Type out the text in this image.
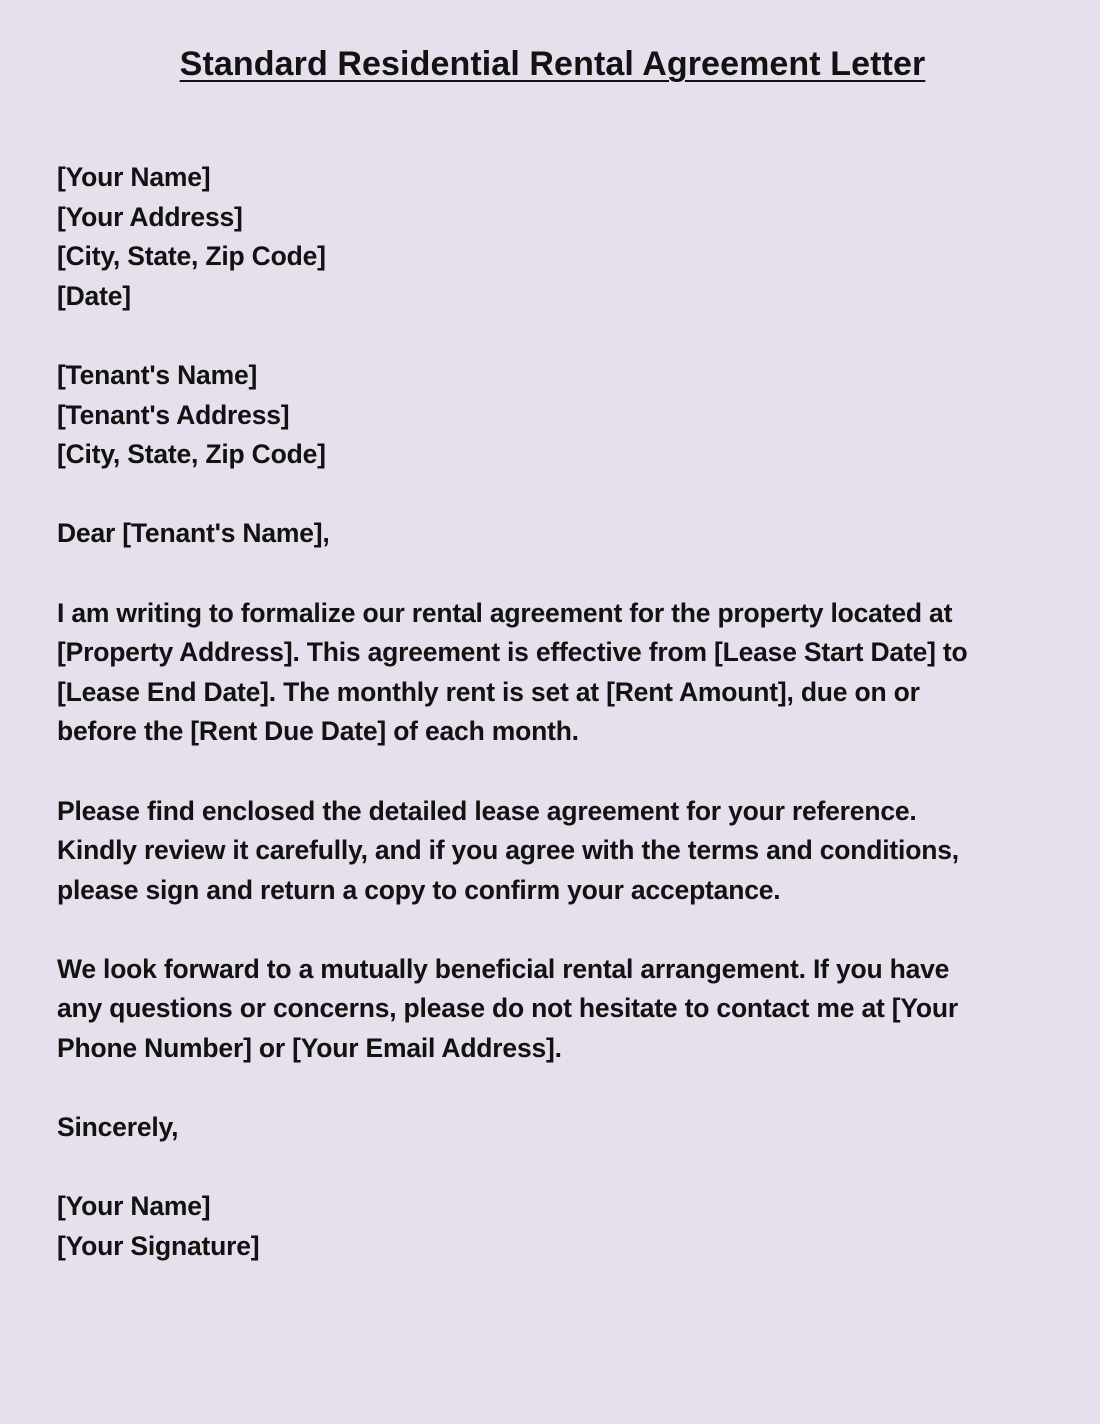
Standard Residential Rental Agreement Letter
[Your Name]
[Your Address]
[City, State, Zip Code]
[Date]
[Tenant's Name]
[Tenant's Address]
[City, State, Zip Code]
Dear [Tenant's Name],
I am writing to formalize our rental agreement for the property located at
[Property Address]. This agreement is effective from [Lease Start Date] to
[Lease End Date]. The monthly rent is set at [Rent Amount], due on or
before the [Rent Due Date] of each month.
Please find enclosed the detailed lease agreement for your reference.
Kindly review it carefully, and if you agree with the terms and conditions,
please sign and return a copy to confirm your acceptance.
We look forward to a mutually beneficial rental arrangement. If you have
any questions or concerns, please do not hesitate to contact me at [Your
Phone Number] or [Your Email Address].
Sincerely,
[Your Name]
[Your Signature]
